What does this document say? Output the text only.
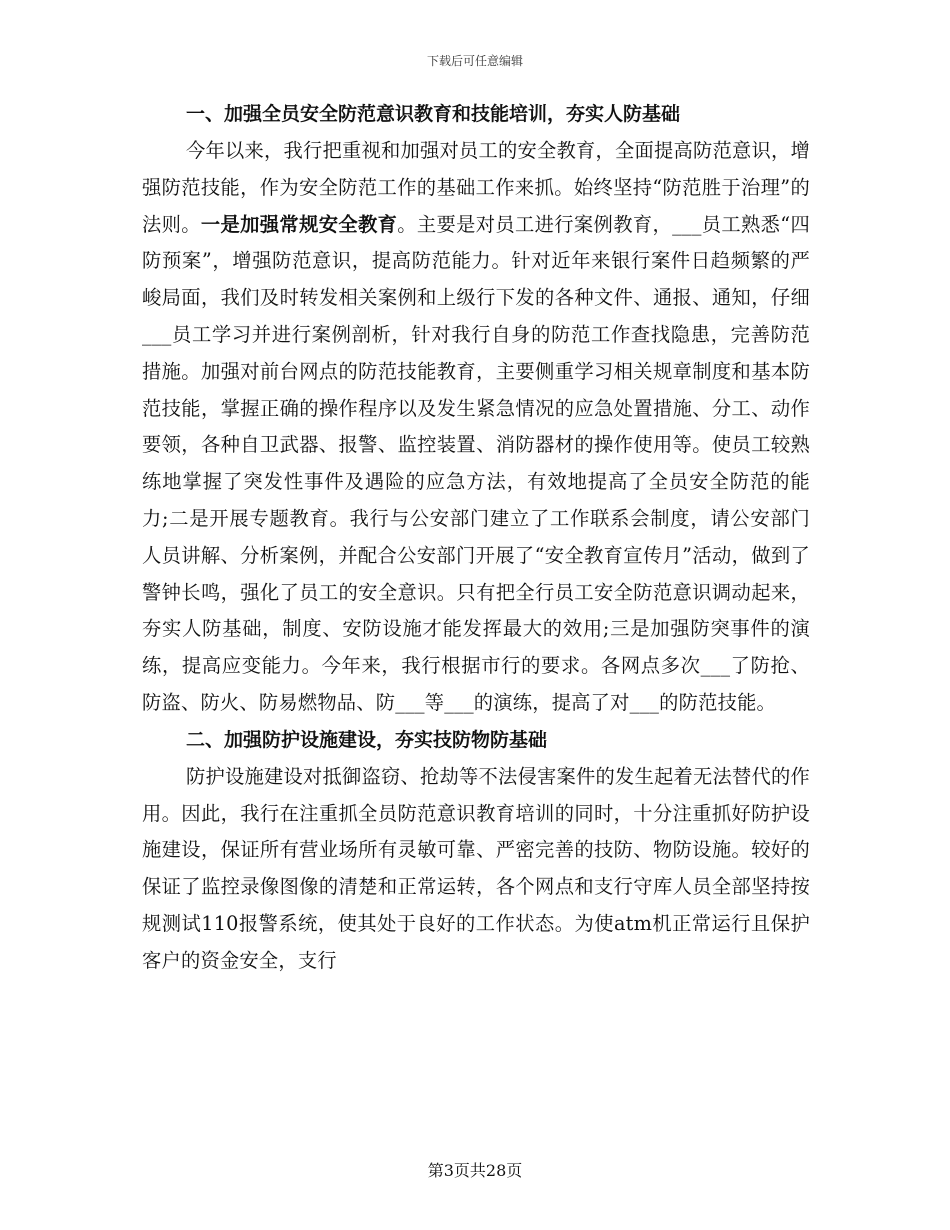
下载后可任意编辑

一、加强全员安全防范意识教育和技能培训，夯实人防基础

今年以来，我行把重视和加强对员工的安全教育，全面提高防范意识，增强防范技能，作为安全防范工作的基础工作来抓。始终坚持“防范胜于治理”的法则。一是加强常规安全教育。主要是对员工进行案例教育，___员工熟悉“四防预案”，增强防范意识，提高防范能力。针对近年来银行案件日趋频繁的严峻局面，我们及时转发相关案例和上级行下发的各种文件、通报、通知，仔细___员工学习并进行案例剖析，针对我行自身的防范工作查找隐患，完善防范措施。加强对前台网点的防范技能教育，主要侧重学习相关规章制度和基本防范技能，掌握正确的操作程序以及发生紧急情况的应急处置措施、分工、动作要领，各种自卫武器、报警、监控装置、消防器材的操作使用等。使员工较熟练地掌握了突发性事件及遇险的应急方法，有效地提高了全员安全防范的能力;二是开展专题教育。我行与公安部门建立了工作联系会制度，请公安部门人员讲解、分析案例，并配合公安部门开展了“安全教育宣传月”活动，做到了警钟长鸣，强化了员工的安全意识。只有把全行员工安全防范意识调动起来，夯实人防基础，制度、安防设施才能发挥最大的效用;三是加强防突事件的演练，提高应变能力。今年来，我行根据市行的要求。各网点多次___了防抢、防盗、防火、防易燃物品、防___等___的演练，提高了对___的防范技能。

二、加强防护设施建设，夯实技防物防基础

防护设施建设对抵御盗窃、抢劫等不法侵害案件的发生起着无法替代的作用。因此，我行在注重抓全员防范意识教育培训的同时，十分注重抓好防护设施建设，保证所有营业场所有灵敏可靠、严密完善的技防、物防设施。较好的保证了监控录像图像的清楚和正常运转，各个网点和支行守库人员全部坚持按规测试110报警系统，使其处于良好的工作状态。为使atm机正常运行且保护客户的资金安全，支行

第3页共28页
